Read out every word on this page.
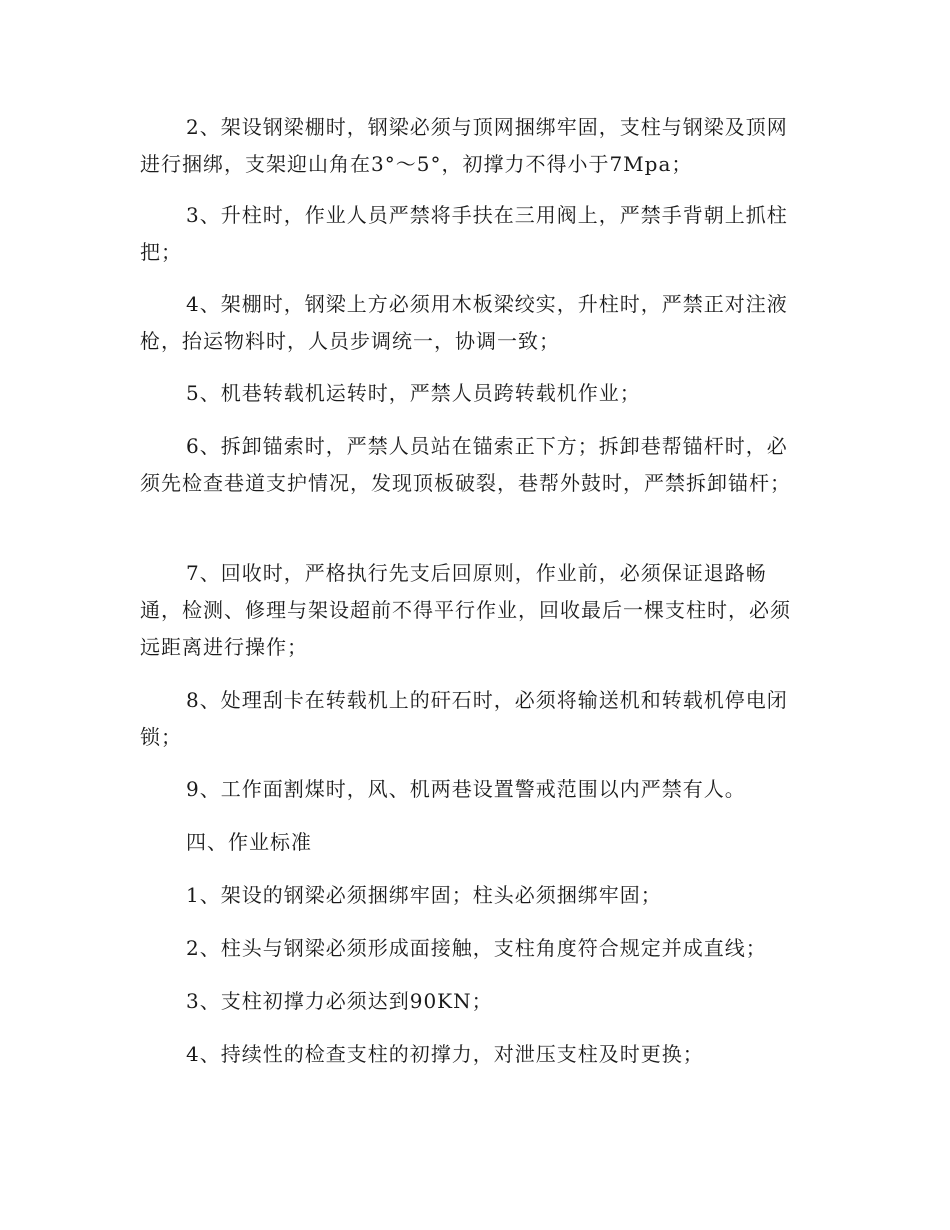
2、架设钢梁棚时，钢梁必须与顶网捆绑牢固，支柱与钢梁及顶网进行捆绑，支架迎山角在3°～5°，初撑力不得小于7Mpa；

3、升柱时，作业人员严禁将手扶在三用阀上，严禁手背朝上抓柱把；

4、架棚时，钢梁上方必须用木板梁绞实，升柱时，严禁正对注液枪，抬运物料时，人员步调统一，协调一致；

5、机巷转载机运转时，严禁人员跨转载机作业；

6、拆卸锚索时，严禁人员站在锚索正下方；拆卸巷帮锚杆时，必须先检查巷道支护情况，发现顶板破裂，巷帮外鼓时，严禁拆卸锚杆；

7、回收时，严格执行先支后回原则，作业前，必须保证退路畅通，检测、修理与架设超前不得平行作业，回收最后一棵支柱时，必须远距离进行操作；

8、处理刮卡在转载机上的矸石时，必须将输送机和转载机停电闭锁；

9、工作面割煤时，风、机两巷设置警戒范围以内严禁有人。

四、作业标准

1、架设的钢梁必须捆绑牢固；柱头必须捆绑牢固；

2、柱头与钢梁必须形成面接触，支柱角度符合规定并成直线；

3、支柱初撑力必须达到90KN；

4、持续性的检查支柱的初撑力，对泄压支柱及时更换；
